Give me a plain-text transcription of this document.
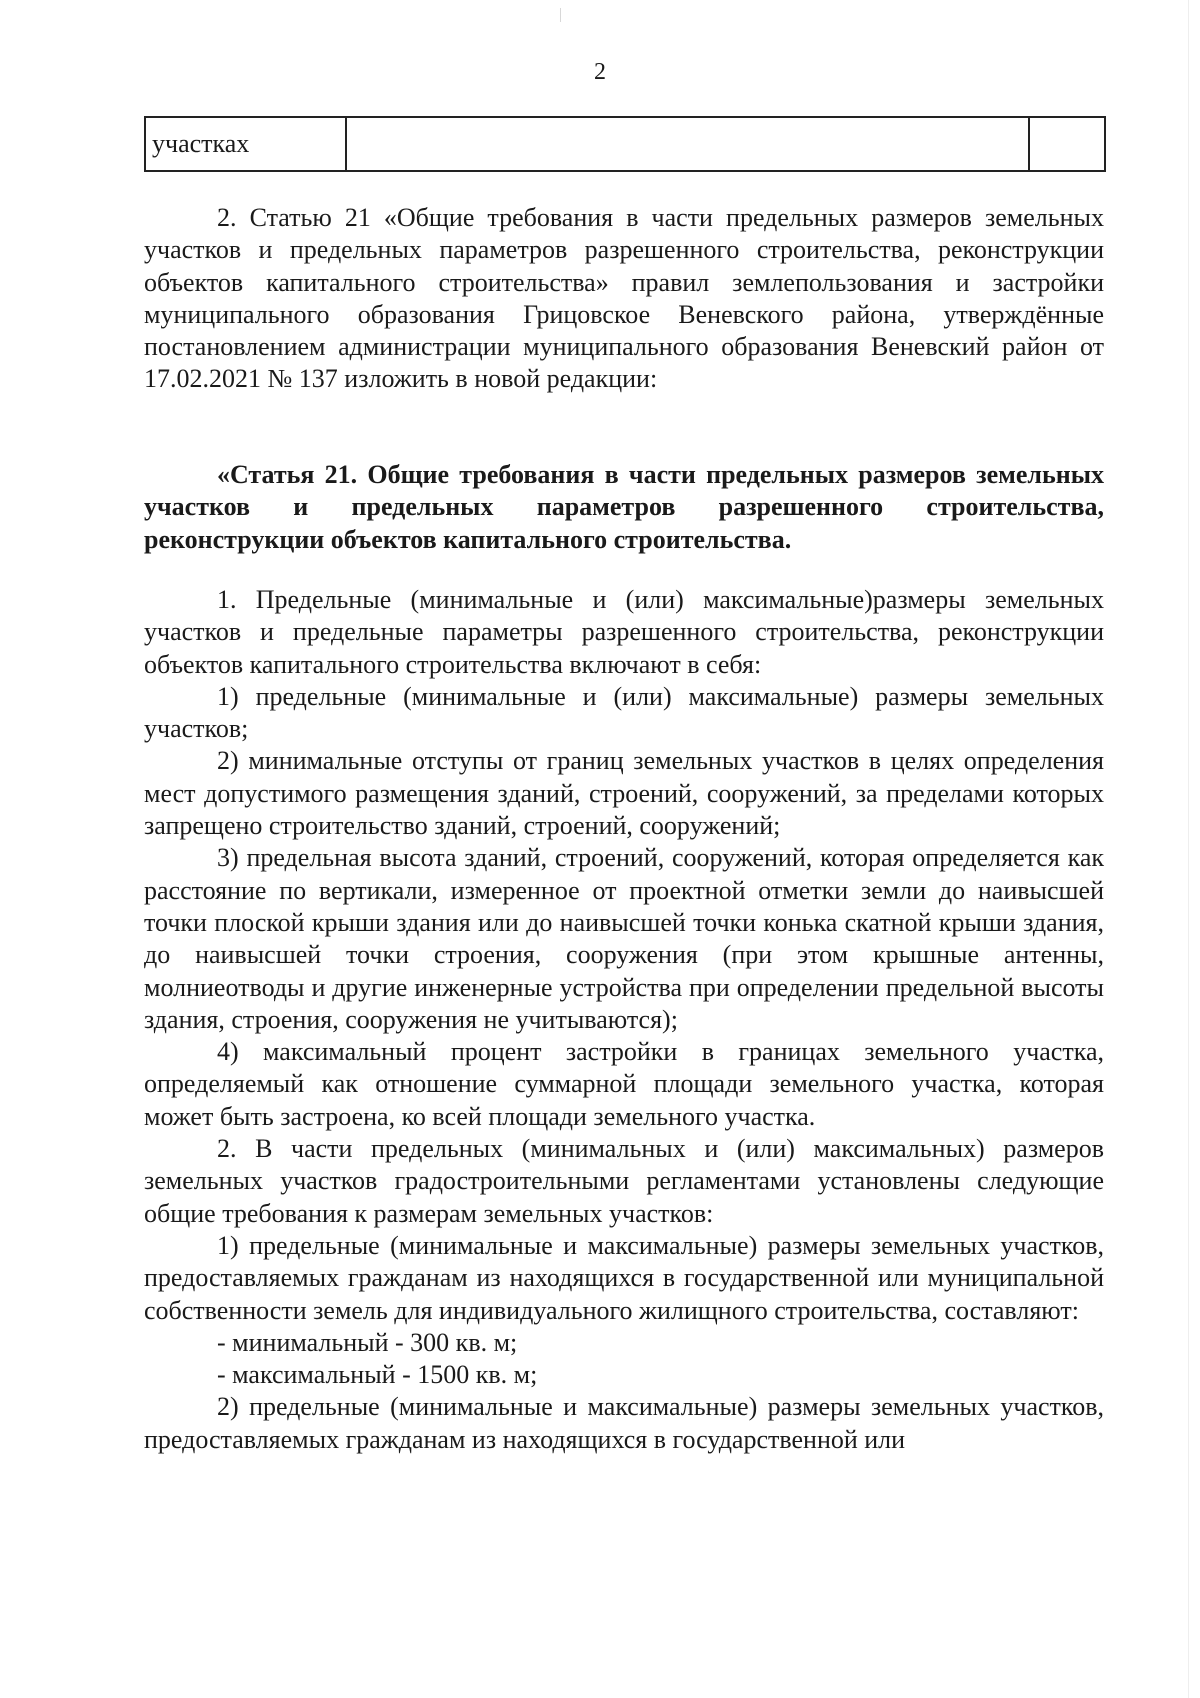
2
участках		

2. Статью 21 «Общие требования в части предельных размеров земельных участков и предельных параметров разрешенного строительства, реконструкции объектов капитального строительства» правил землепользования и застройки муниципального образования Грицовское Веневского района, утверждённые постановлением администрации муниципального образования Веневский район от 17.02.2021 № 137 изложить в новой редакции:

«Статья 21. Общие требования в части предельных размеров земельных участков и предельных параметров разрешенного строительства, реконструкции объектов капитального строительства.

1. Предельные (минимальные и (или) максимальные)размеры земельных участков и предельные параметры разрешенного строительства, реконструкции объектов капитального строительства включают в себя:

1) предельные (минимальные и (или) максимальные) размеры земельных участков;

2) минимальные отступы от границ земельных участков в целях определения мест допустимого размещения зданий, строений, сооружений, за пределами которых запрещено строительство зданий, строений, сооружений;

3) предельная высота зданий, строений, сооружений, которая определяется как расстояние по вертикали, измеренное от проектной отметки земли до наивысшей точки плоской крыши здания или до наивысшей точки конька скатной крыши здания, до наивысшей точки строения, сооружения (при этом крышные антенны, молниеотводы и другие инженерные устройства при определении предельной высоты здания, строения, сооружения не учитываются);

4) максимальный процент застройки в границах земельного участка, определяемый как отношение суммарной площади земельного участка, которая может быть застроена, ко всей площади земельного участка.

2. В части предельных (минимальных и (или) максимальных) размеров земельных участков градостроительными регламентами установлены следующие общие требования к размерам земельных участков:

1) предельные (минимальные и максимальные) размеры земельных участков, предоставляемых гражданам из находящихся в государственной или муниципальной собственности земель для индивидуального жилищного строительства, составляют:

- минимальный - 300 кв. м;

- максимальный - 1500 кв. м;

2) предельные (минимальные и максимальные) размеры земельных участков, предоставляемых гражданам из находящихся в государственной или
